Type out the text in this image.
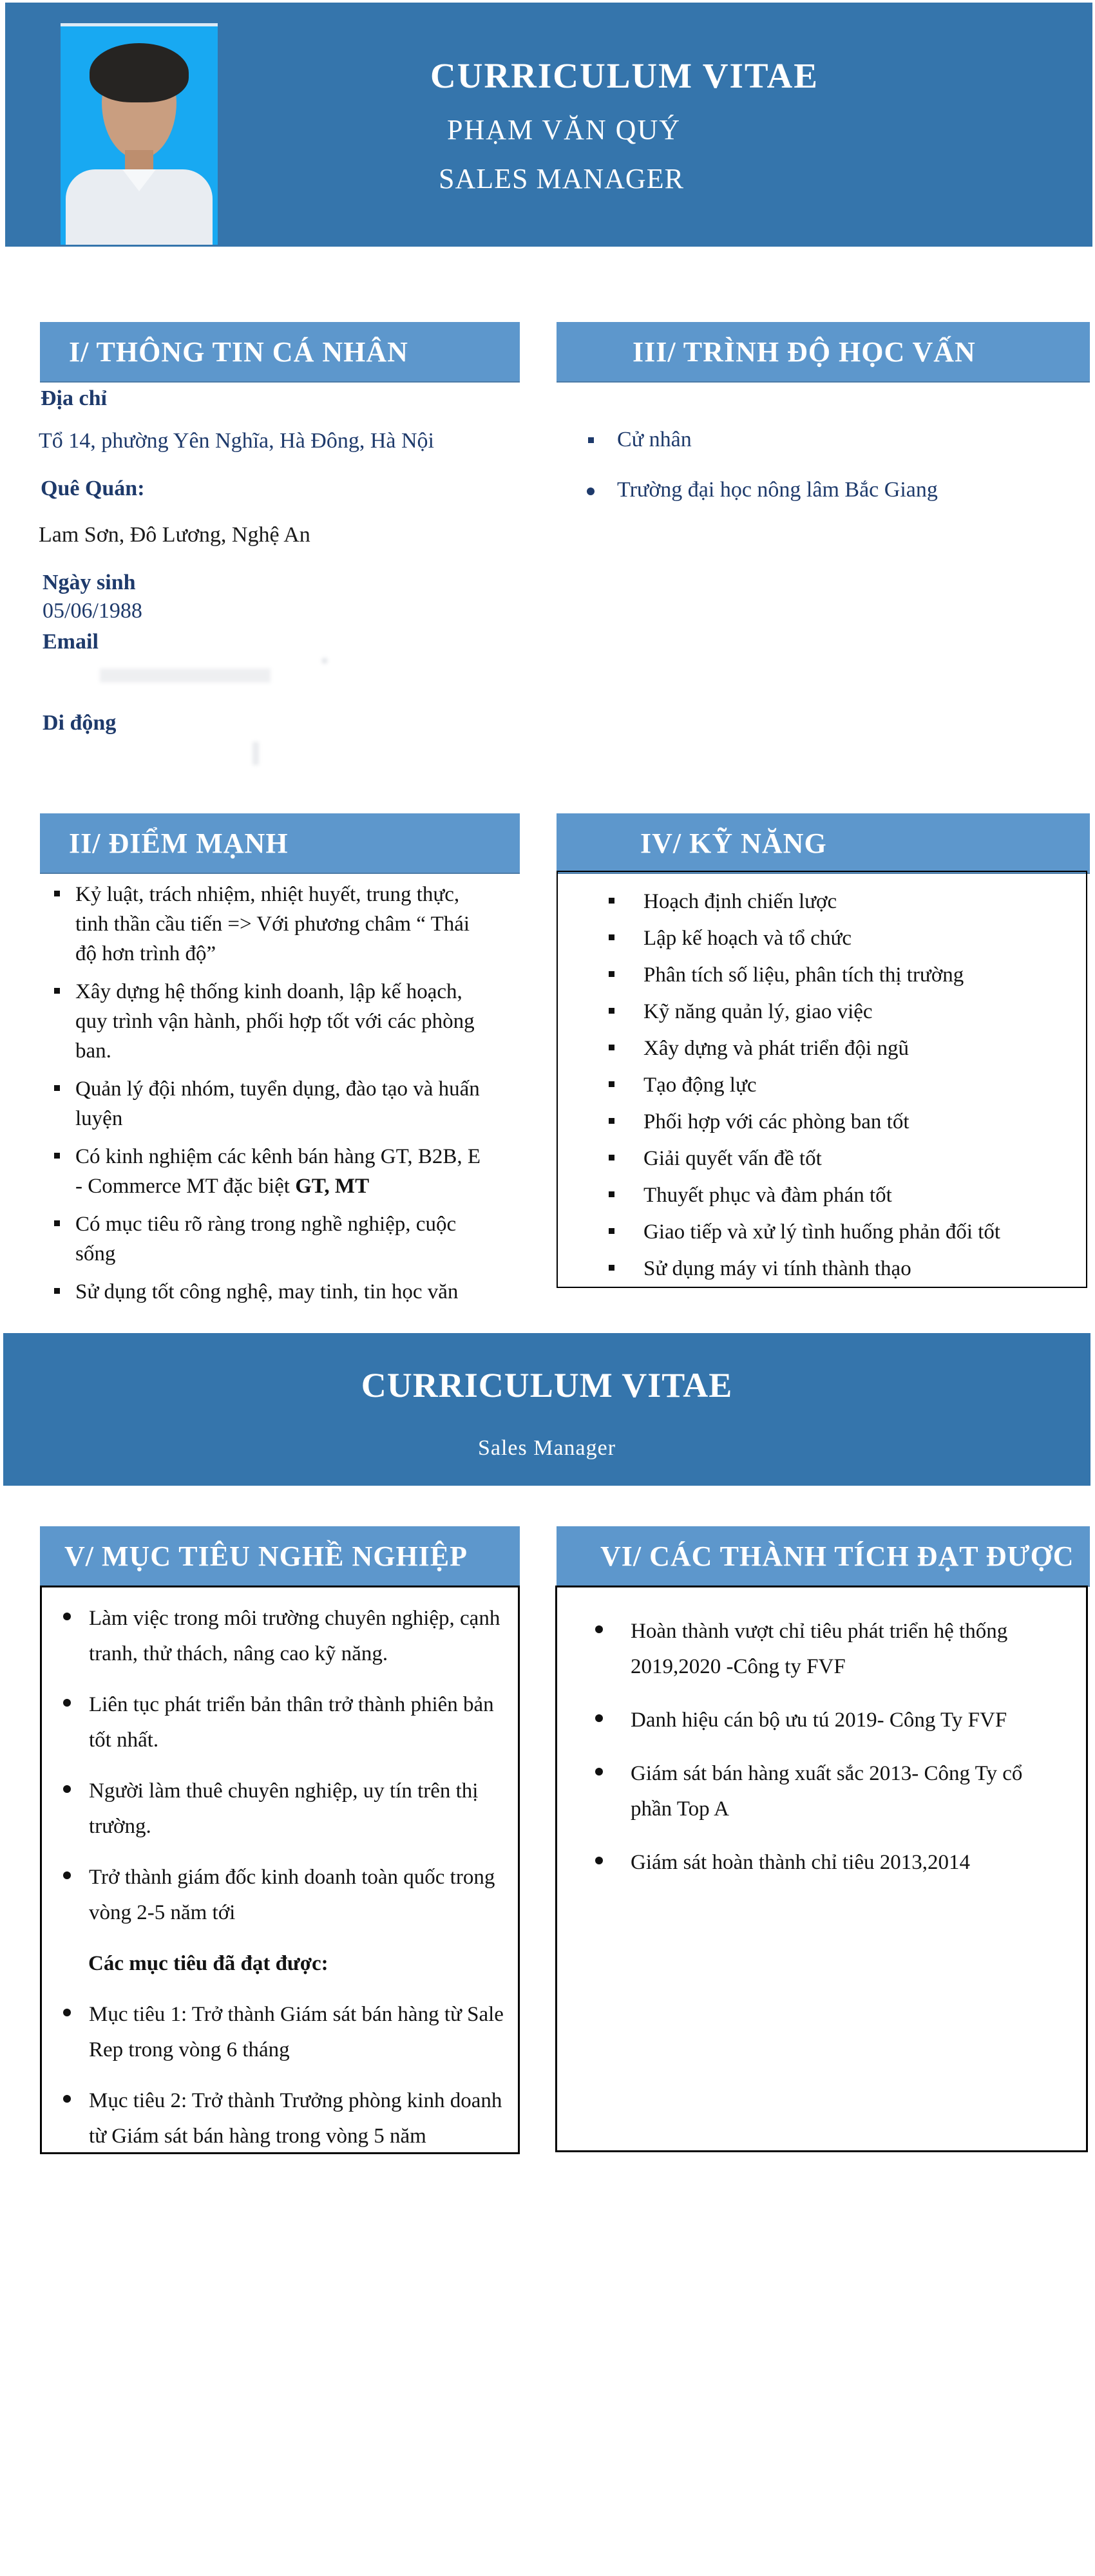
CURRICULUM VITAE
PHẠM VĂN QUÝ
SALES MANAGER
I/ THÔNG TIN CÁ NHÂN	III/ TRÌNH ĐỘ HỌC VẤN
Địa chỉ
Tổ 14, phường Yên Nghĩa, Hà Đông, Hà Nội
Quê Quán:
Lam Sơn, Đô Lương, Nghệ An
Ngày sinh
05/06/1988
Email
Di động
Cử nhân
Trường đại học nông lâm Bắc Giang
II/ ĐIỂM MẠNH	IV/ KỸ NĂNG
Kỷ luật, trách nhiệm, nhiệt huyết, trung thực, tinh thần cầu tiến => Với phương châm “ Thái độ hơn trình độ”
Xây dựng hệ thống kinh doanh, lập kế hoạch, quy trình vận hành, phối hợp tốt với các phòng ban.
Quản lý đội nhóm, tuyển dụng, đào tạo và huấn luyện
Có kinh nghiệm các kênh bán hàng GT, B2B, E - Commerce MT đặc biệt GT, MT
Có mục tiêu rõ ràng trong nghề nghiệp, cuộc sống
Sử dụng tốt công nghệ, may tinh, tin học văn
Hoạch định chiến lược
Lập kế hoạch và tổ chức
Phân tích số liệu, phân tích thị trường
Kỹ năng quản lý, giao việc
Xây dựng và phát triển đội ngũ
Tạo động lực
Phối hợp với các phòng ban tốt
Giải quyết vấn đề tốt
Thuyết phục và đàm phán tốt
Giao tiếp và xử lý tình huống phản đối tốt
Sử dụng máy vi tính thành thạo
CURRICULUM VITAE
Sales Manager
V/ MỤC TIÊU NGHỀ NGHIỆP	VI/ CÁC THÀNH TÍCH ĐẠT ĐƯỢC
Làm việc trong môi trường chuyên nghiệp, cạnh tranh, thử thách, nâng cao kỹ năng.
Liên tục phát triển bản thân trở thành phiên bản tốt nhất.
Người làm thuê chuyên nghiệp, uy tín trên thị trường.
Trở thành giám đốc kinh doanh toàn quốc trong vòng 2-5 năm tới
Các mục tiêu đã đạt được:
Mục tiêu 1: Trở thành Giám sát bán hàng từ Sale Rep trong vòng 6 tháng
Mục tiêu 2: Trở thành Trưởng phòng kinh doanh từ Giám sát bán hàng trong vòng 5 năm
Hoàn thành vượt chỉ tiêu phát triển hệ thống 2019,2020 -Công ty FVF
Danh hiệu cán bộ ưu tú 2019- Công Ty FVF
Giám sát bán hàng xuất sắc 2013- Công Ty cổ phần Top A
Giám sát hoàn thành chỉ tiêu 2013,2014
